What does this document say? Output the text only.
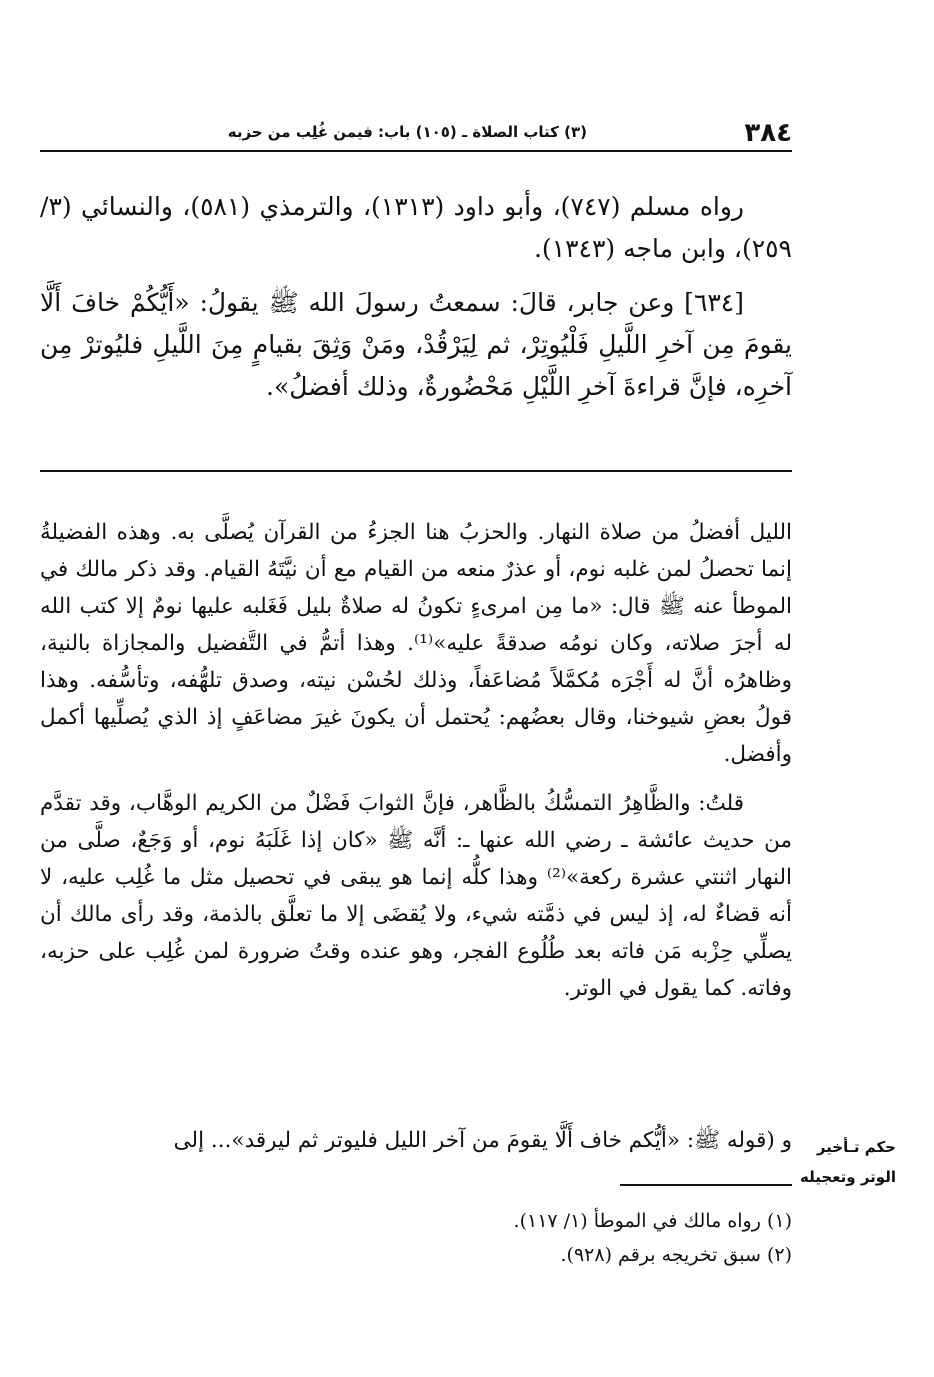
٣٨٤
(٣) كتاب الصلاة ـ (١٠٥) باب: فيمن غُلِب من حزبه

رواه مسلم (٧٤٧)، وأبو داود (١٣١٣)، والترمذي (٥٨١)، والنسائي (٣/ ٢٥٩)، وابن ماجه (١٣٤٣).

[٦٣٤] وعن جابر، قالَ: سمعتُ رسولَ الله ﷺ يقولُ: «أَيُّكُمْ خافَ أَلَّا يقومَ مِن آخرِ اللَّيلِ فَلْيُوتِرْ، ثم لِيَرْقُدْ، ومَنْ وَثِقَ بقيامٍ مِنَ اللَّيلِ فليُوترْ مِن آخرِه، فإنَّ قراءةَ آخرِ اللَّيْلِ مَحْضُورةٌ، وذلك أفضلُ».

الليل أفضلُ من صلاة النهار. والحزبُ هنا الجزءُ من القرآن يُصلَّى به. وهذه الفضيلةُ إنما تحصلُ لمن غلبه نوم، أو عذرٌ منعه من القيام مع أن نيَّتَهُ القيام. وقد ذكر مالك في الموطأ عنه ﷺ قال: «ما مِن امرىءٍ تكونُ له صلاةٌ بليل فَغَلبه عليها نومٌ إلا كتب الله له أجرَ صلاته، وكان نومُه صدقةً عليه»⁽¹⁾. وهذا أتمُّ في التَّفضيل والمجازاة بالنية، وظاهرُه أنَّ له أَجْرَه مُكمَّلاً مُضاعَفاً، وذلك لحُسْن نيته، وصدق تلهُّفه، وتأسُّفه. وهذا قولُ بعضِ شيوخنا، وقال بعضُهم: يُحتمل أن يكونَ غيرَ مضاعَفٍ إذ الذي يُصلِّيها أكمل وأفضل.

قلتُ: والظَّاهِرُ التمسُّكُ بالظَّاهر، فإنَّ الثوابَ فَضْلٌ من الكريم الوهَّاب، وقد تقدَّم من حديث عائشة ـ رضي الله عنها ـ: أنَّه ﷺ «كان إذا غَلَبَهُ نوم، أو وَجَعٌ، صلَّى من النهار اثنتي عشرة ركعة»⁽²⁾ وهذا كلُّه إنما هو يبقى في تحصيل مثل ما غُلِب عليه، لا أنه قضاءٌ له، إذ ليس في ذمَّته شيء، ولا يُقضَى إلا ما تعلَّق بالذمة، وقد رأى مالك أن يصلِّي حِزْبه مَن فاته بعد طُلُوع الفجر، وهو عنده وقتُ ضرورة لمن غُلِب على حزبه، وفاته. كما يقول في الوتر.

و (قوله ﷺ: «أيُّكم خاف أَلَّا يقومَ من آخر الليل فليوتر ثم ليرقد»... إلى	حكم تـأخير الوتر وتعجيله
(١) رواه مالك في الموطأ (١/ ١١٧).
(٢) سبق تخريجه برقم (٩٢٨).
